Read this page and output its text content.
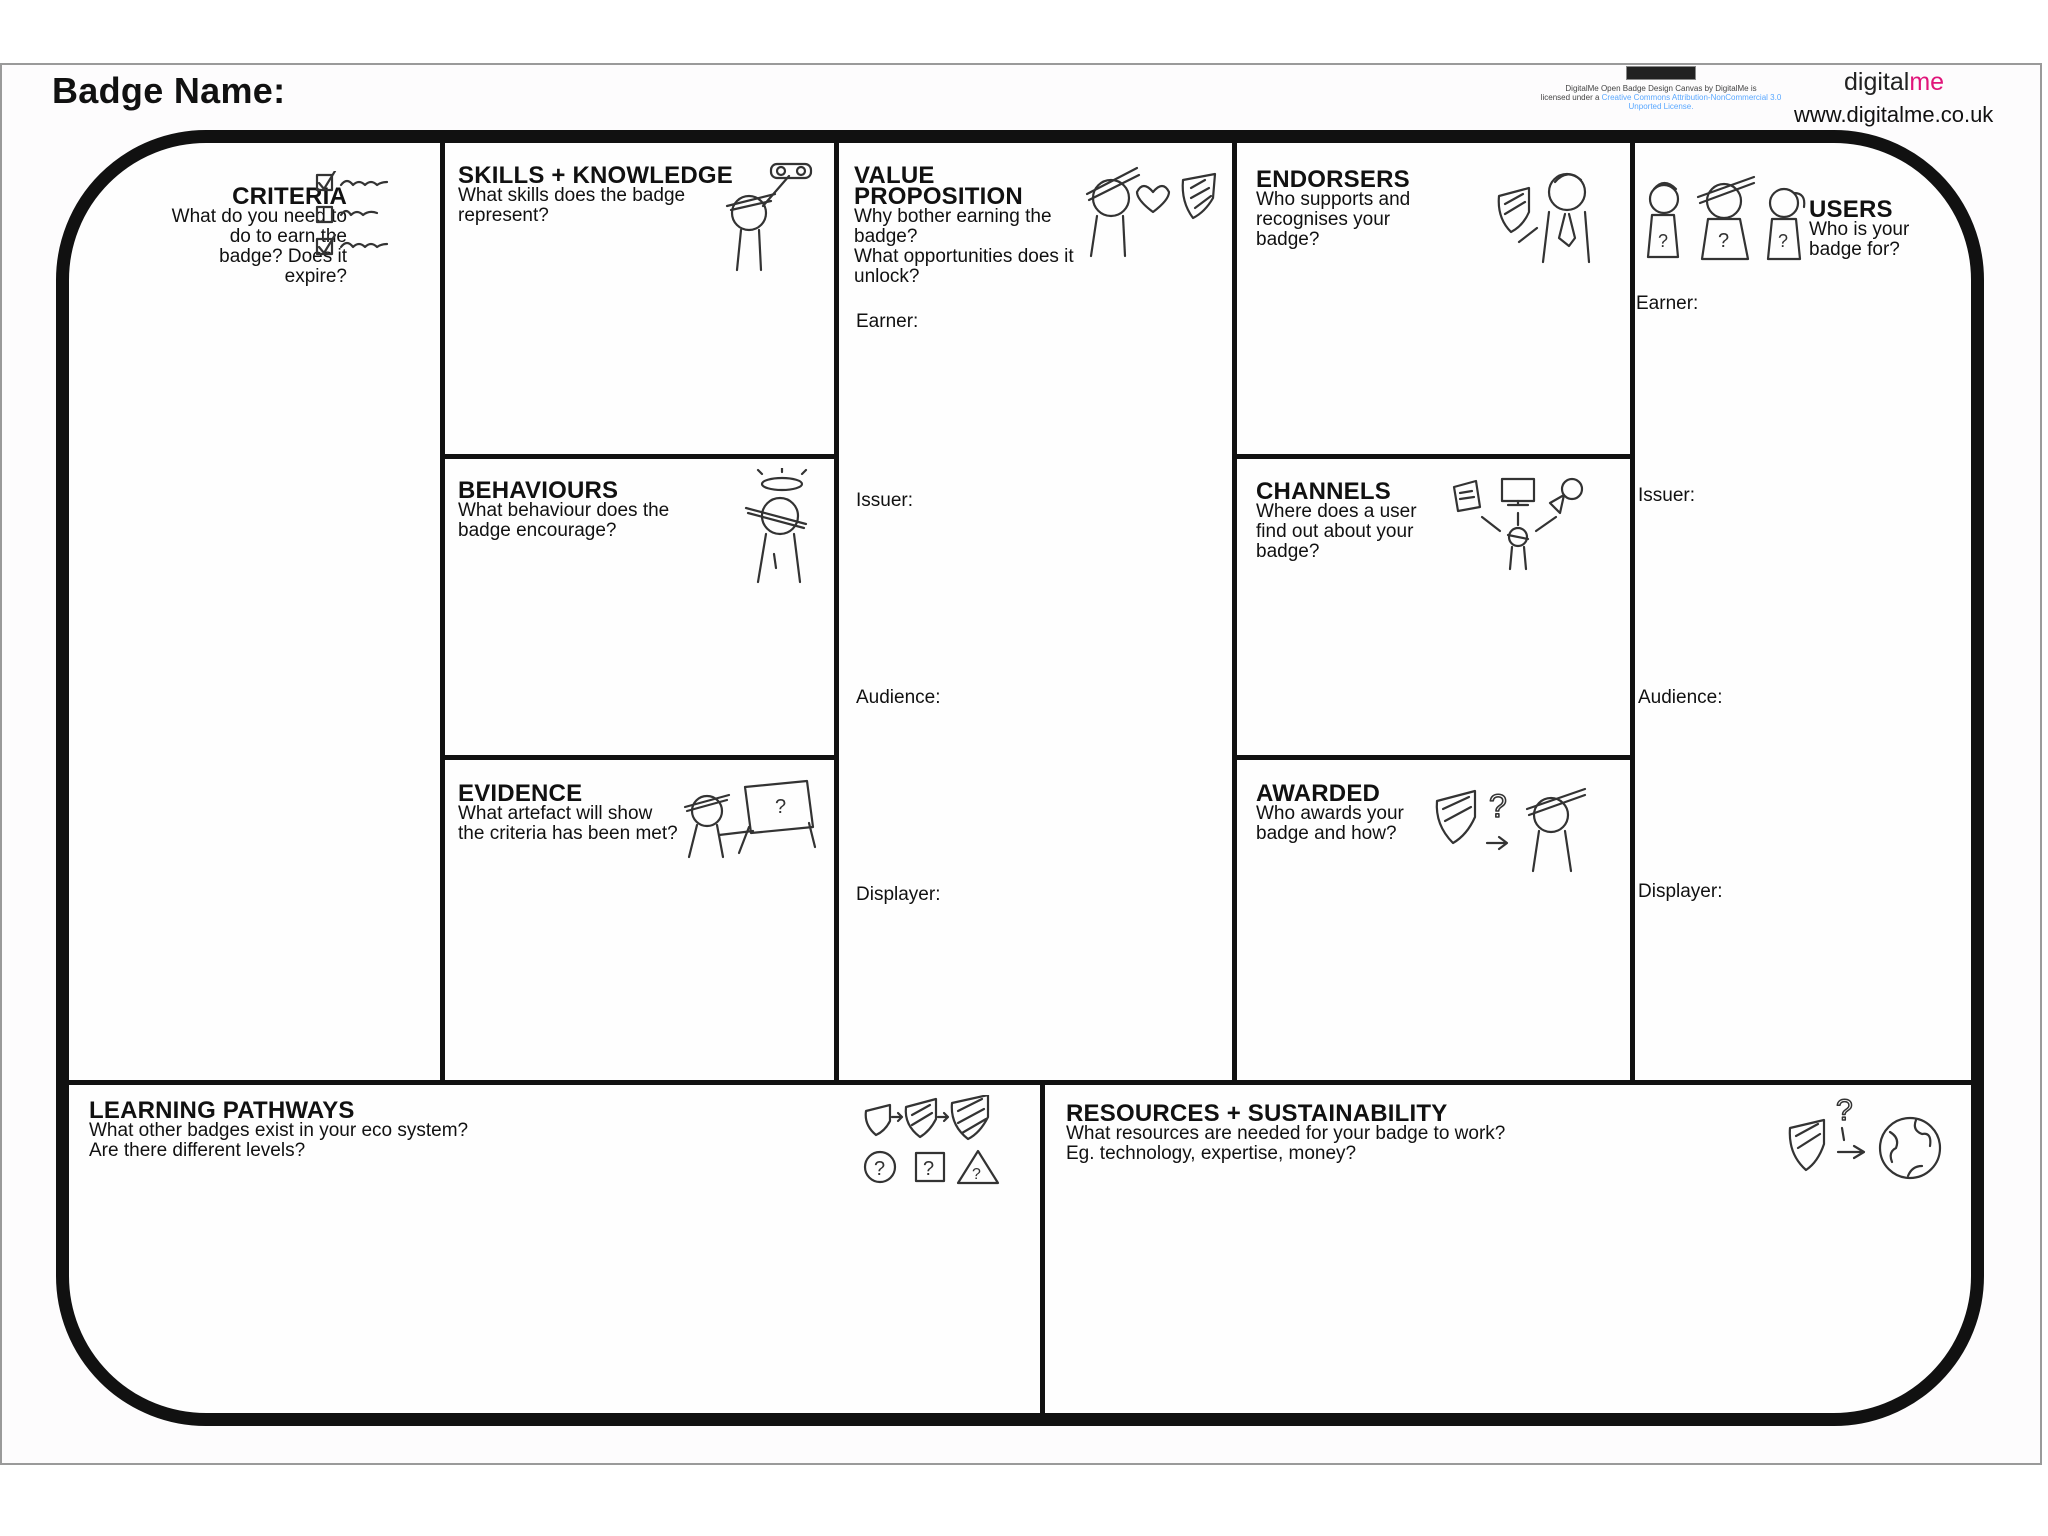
Badge Name:	DigitalMe Open Badge Design Canvas by DigitalMe is
licensed under a Creative Commons Attribution-NonCommercial 3.0 Unported License.
digitalme
www.digitalme.co.uk
CRITERIA
What do you need to do to earn the badge? Does it expire?
SKILLS + KNOWLEDGE
What skills does the badge represent?
BEHAVIOURS
What behaviour does the badge encourage?
EVIDENCE
What artefact will show the criteria has been met?
?
VALUE
PROPOSITION
Why bother earning the badge?
What opportunities does it unlock?
Earner:
Issuer:
Audience:
Displayer:
ENDORSERS
Who supports and recognises your badge?
CHANNELS
Where does a user find out about your badge?
AWARDED
Who awards your badge and how?
?
USERS
Who is your badge for?
? ?	?
Earner:
Issuer:
Audience:
Displayer:
LEARNING PATHWAYS
What other badges exist in your eco system?
Are there different levels?
? ? ?
RESOURCES + SUSTAINABILITY
What resources are needed for your badge to work?
Eg. technology, expertise, money?
?
